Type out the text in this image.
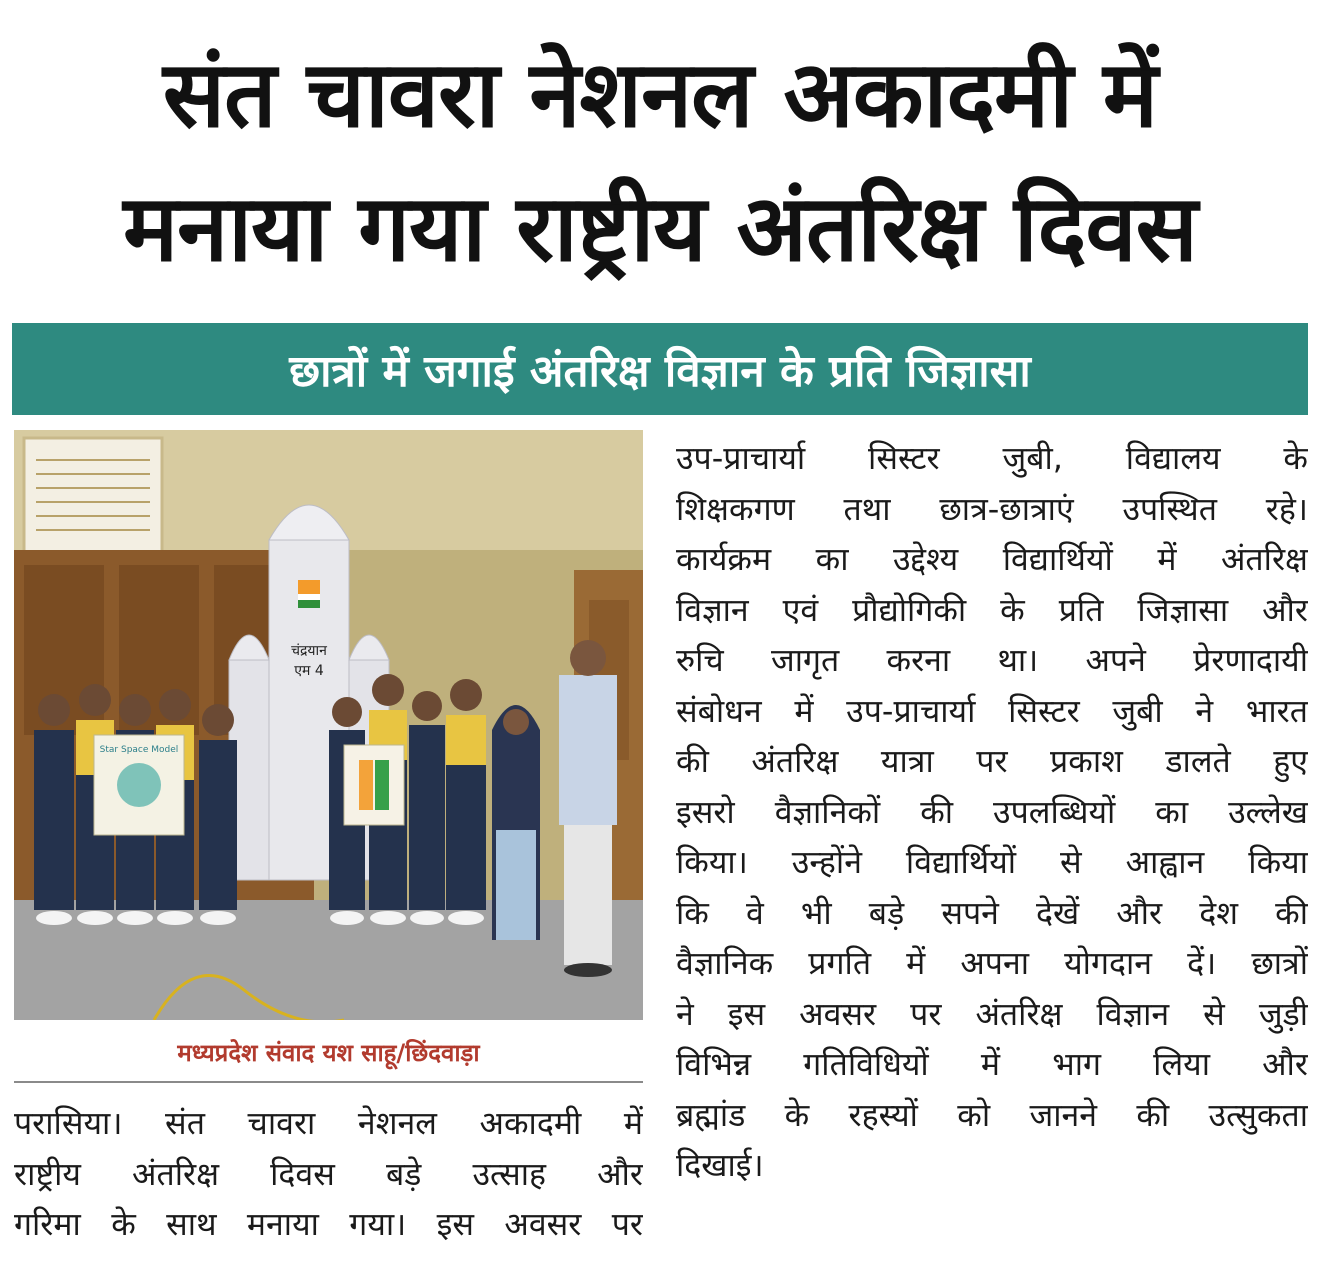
संत चावरा नेशनल अकादमी में
मनाया गया राष्ट्रीय अंतरिक्ष दिवस
छात्रों में जगाई अंतरिक्ष विज्ञान के प्रति जिज्ञासा
चंद्रयान
एम 4
Star Space Model
मध्यप्रदेश संवाद यश साहू/छिंदवाड़ा
उप-प्राचार्या सिस्टर जुबी, विद्यालय के
शिक्षकगण तथा छात्र-छात्राएं उपस्थित रहे।
कार्यक्रम का उद्देश्य विद्यार्थियों में अंतरिक्ष
विज्ञान एवं प्रौद्योगिकी के प्रति जिज्ञासा और
रुचि जागृत करना था। अपने प्रेरणादायी
संबोधन में उप-प्राचार्या सिस्टर जुबी ने भारत
की अंतरिक्ष यात्रा पर प्रकाश डालते हुए
इसरो वैज्ञानिकों की उपलब्धियों का उल्लेख
किया। उन्होंने विद्यार्थियों से आह्वान किया
कि वे भी बड़े सपने देखें और देश की
वैज्ञानिक प्रगति में अपना योगदान दें। छात्रों
ने इस अवसर पर अंतरिक्ष विज्ञान से जुड़ी
विभिन्न गतिविधियों में भाग लिया और
ब्रह्मांड के रहस्यों को जानने की उत्सुकता
दिखाई।
परासिया। संत चावरा नेशनल अकादमी में
राष्ट्रीय अंतरिक्ष दिवस बड़े उत्साह और
गरिमा के साथ मनाया गया। इस अवसर पर
